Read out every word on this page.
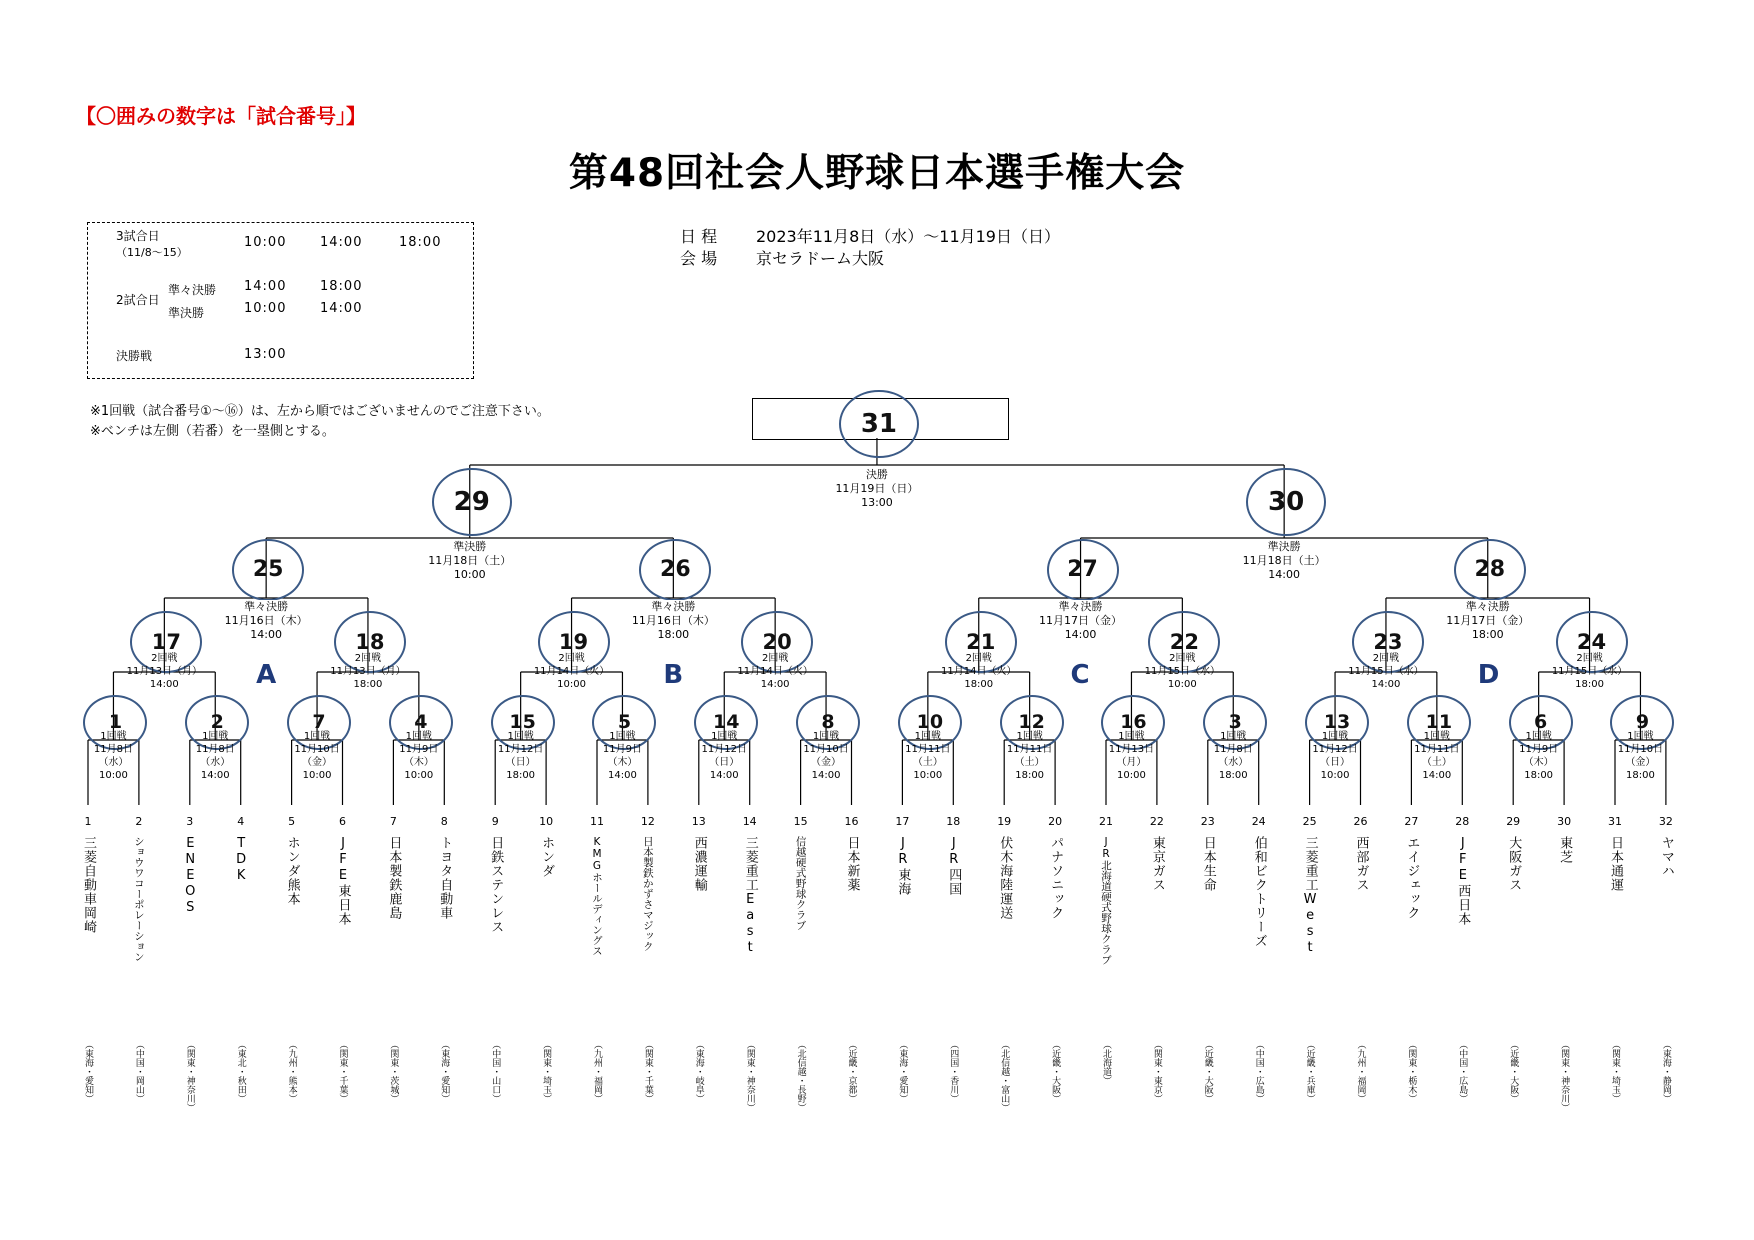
【〇囲みの数字は「試合番号」】
第48回社会人野球日本選手権大会
3試合日
（11/8〜15）
10:00	14:00	18:00
2試合日
準々決勝 14:00	18:00
準決勝	10:00	14:00
決勝戦	13:00
日 程 2023年11月8日（水）〜11月19日（日）
会 場 京セラドーム大阪
※1回戦（試合番号①〜⑯）は、左から順ではございませんのでご注意下さい。
※ベンチは左側（若番）を一塁側とする。	31
決勝
11月19日（日）
13:00
29
準決勝
11月18日（土）
10:00
30
準決勝
11月18日（土）
14:00
25
準々決勝
11月16日（木）
14:00
26
準々決勝
11月16日（木）
18:00
27
準々決勝
11月17日（金）
14:00
28
準々決勝
11月17日（金）
18:00
17
2回戦
11月13日（月）
14:00
18
2回戦
11月13日（月）
18:00
19
2回戦
11月14日（火）
10:00
20
2回戦
11月14日（火）
14:00
21
2回戦
11月14日（火）
18:00
22
2回戦
11月15日（水）
10:00
23
2回戦
11月15日（水）
14:00
24
2回戦
11月15日（水）
18:00
1
1回戦
11月8日
（水）
10:00
2
1回戦
11月8日
（水）
14:00
7
1回戦
11月10日
（金）
10:00
4
1回戦
11月9日
（木）
10:00
15
1回戦
11月12日
（日）
18:00
5
1回戦
11月9日
（木）
14:00
14
1回戦
11月12日
（日）
14:00
8
1回戦
11月10日
（金）
14:00
10
1回戦
11月11日
（土）
10:00
12
1回戦
11月11日
（土）
18:00
16
1回戦
11月13日
（月）
10:00
3
1回戦
11月8日
（水）
18:00
13
1回戦
11月12日
（日）
10:00
11
1回戦
11月11日
（土）
14:00
6
1回戦
11月9日
（木）
18:00
9
1回戦
11月10日
（金）
18:00
A	B	C	D
1
三菱自動車岡崎
（東海・愛知）
2
ショウワコーポレーション
（中国・岡山）
3
ENEOS
（関東・神奈川）
4
TDK
（東北・秋田）
5
ホンダ熊本
（九州・熊本）
6
JFE東日本
（関東・千葉）
7
日本製鉄鹿島
（関東・茨城）
8
トヨタ自動車
（東海・愛知）
9
日鉄ステンレス
（中国・山口）
10
ホンダ
（関東・埼玉）
11
KMGホールディングス
（九州・福岡）
12
日本製鉄かずさマジック
（関東・千葉）
13
西濃運輸
（東海・岐阜）
14
三菱重工East
（関東・神奈川）
15
信越硬式野球クラブ
（北信越・長野）
16
日本新薬
（近畿・京都）
17
JR東海
（東海・愛知）
18
JR四国
（四国・香川）
19
伏木海陸運送
（北信越・富山）
20
パナソニック
（近畿・大阪）
21
JR北海道硬式野球クラブ
（北海道）
22
東京ガス
（関東・東京）
23
日本生命
（近畿・大阪）
24
伯和ビクトリーズ
（中国・広島）
25
三菱重工West
（近畿・兵庫）
26
西部ガス
（九州・福岡）
27
エイジェック
（関東・栃木）
28
JFE西日本
（中国・広島）
29
大阪ガス
（近畿・大阪）
30
東芝
（関東・神奈川）
31
日本通運
（関東・埼玉）
32
ヤマハ
（東海・静岡）
